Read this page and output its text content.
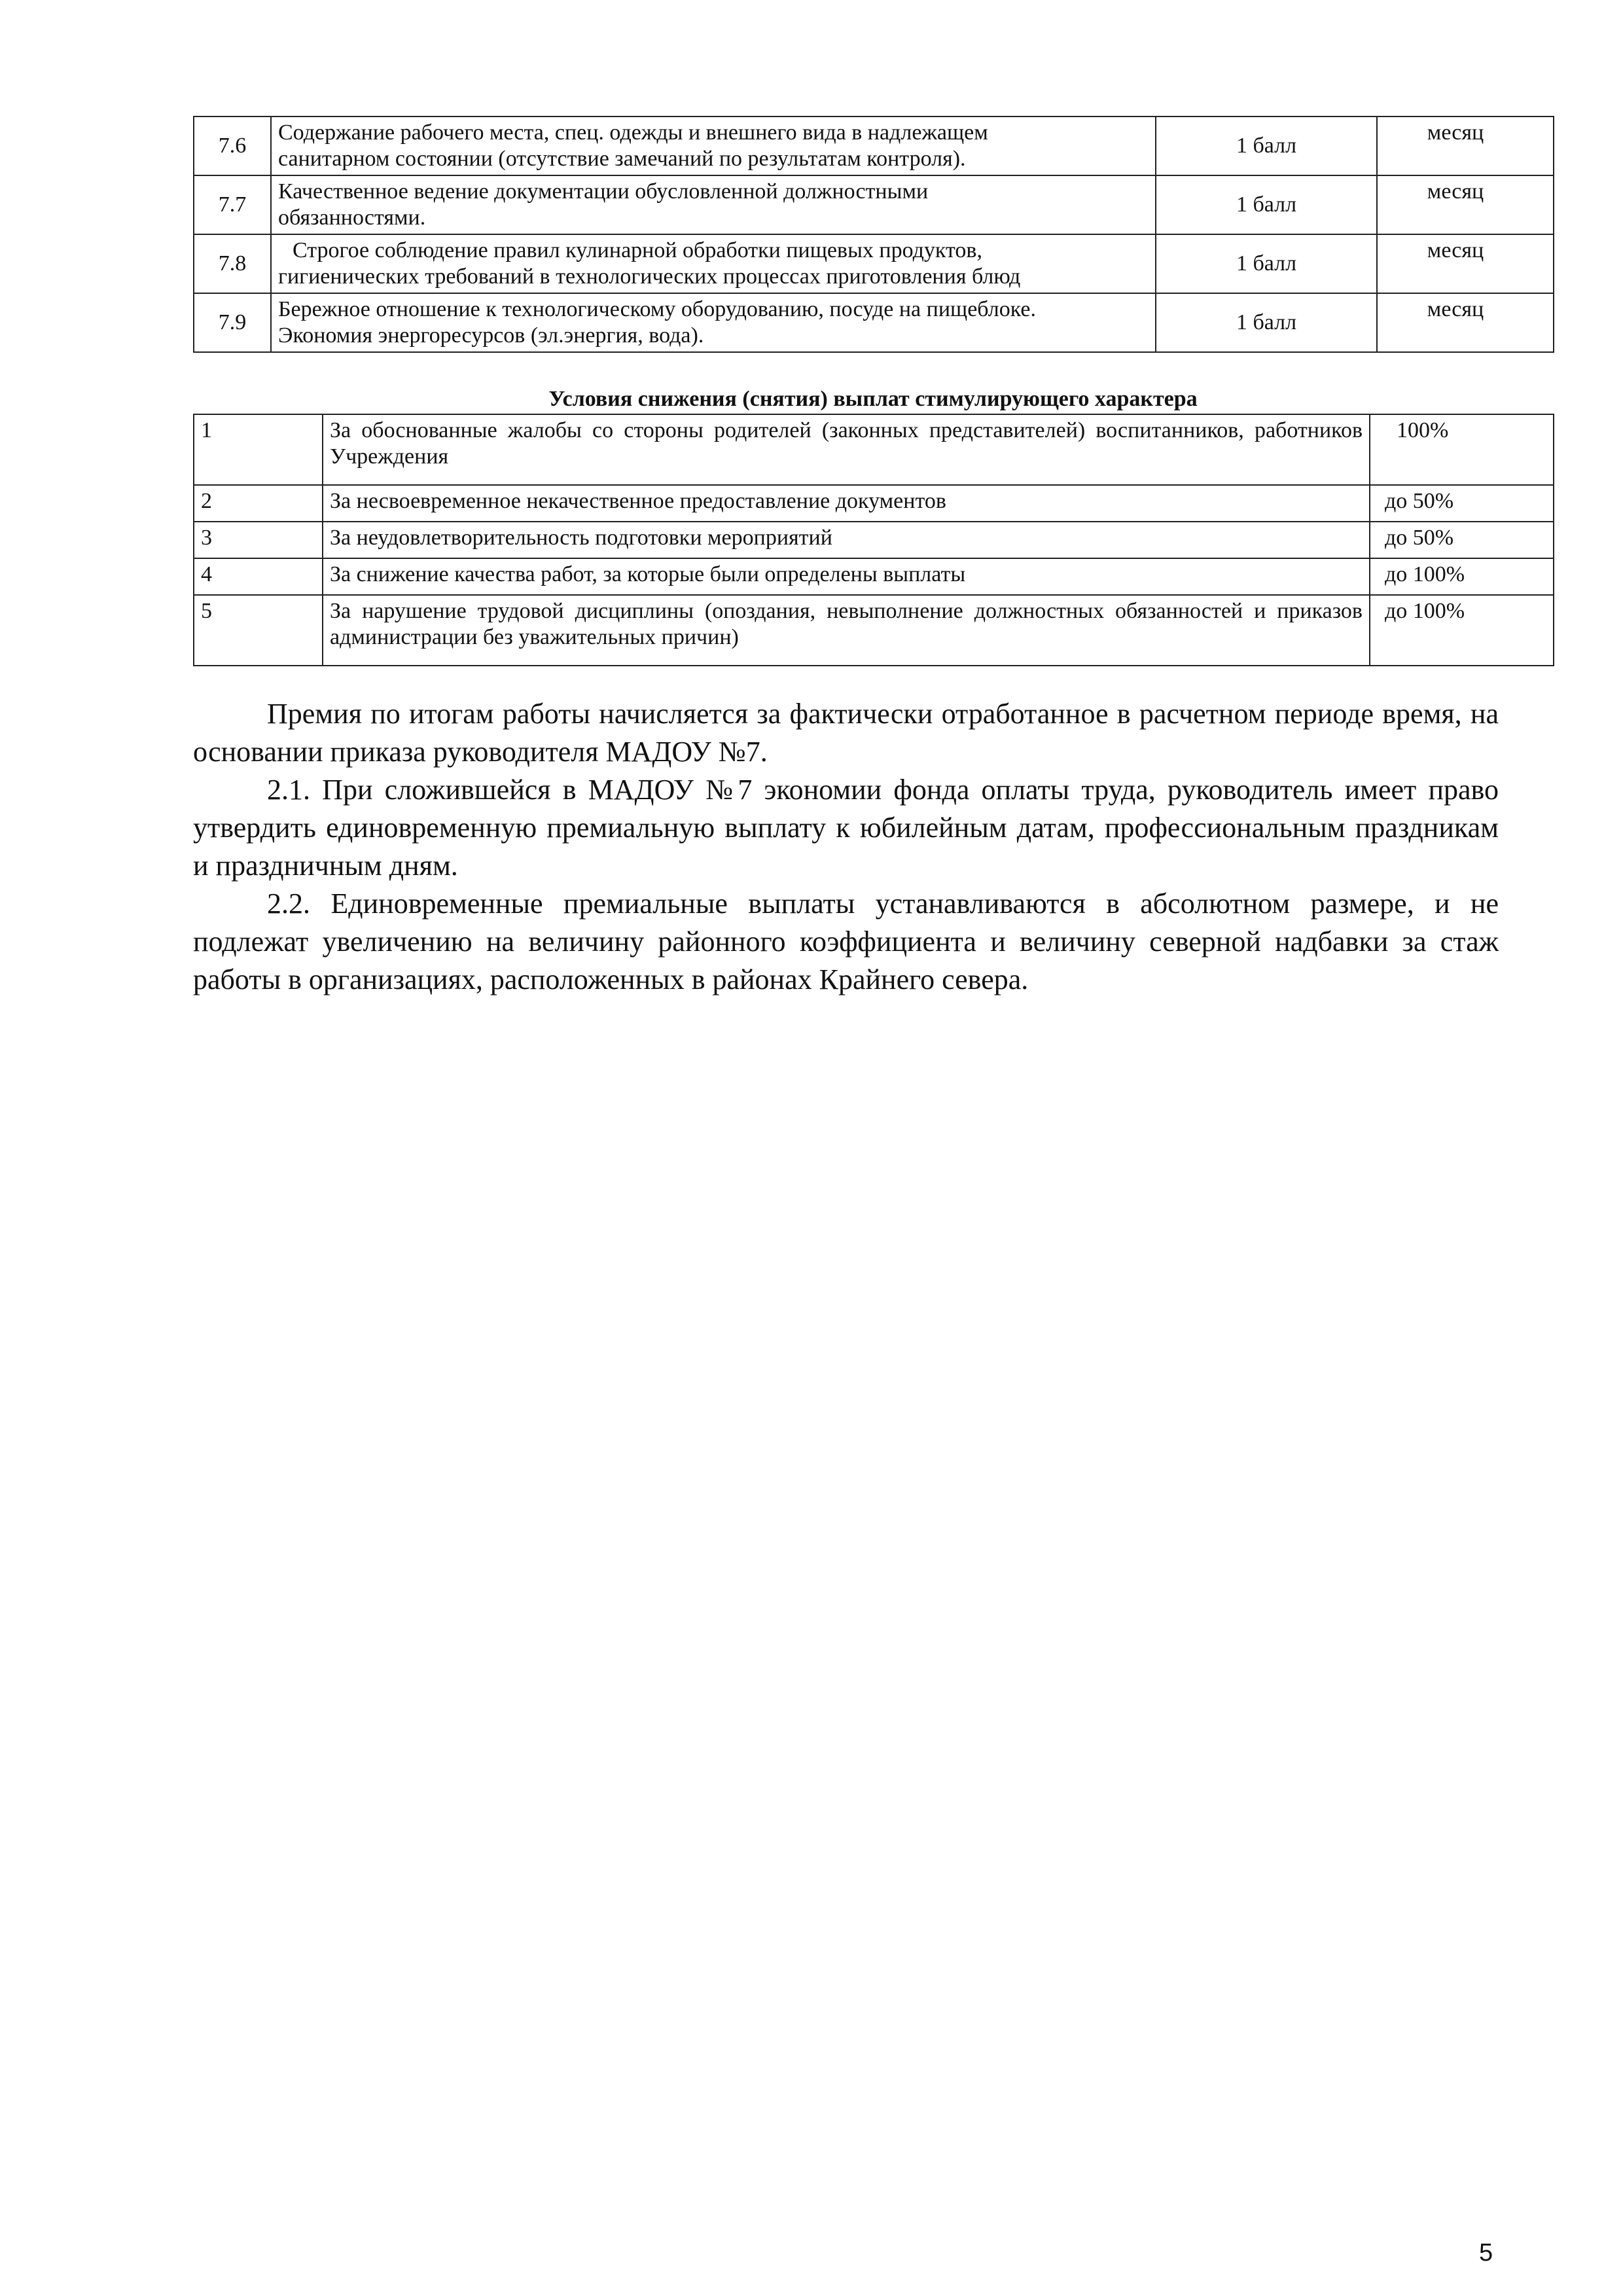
7.6	Содержание рабочего места, спец. одежды и внешнего вида в надлежащем
санитарном состоянии (отсутствие замечаний по результатам контроля).	1 балл	месяц
7.7	Качественное ведение документации обусловленной должностными
обязанностями.	1 балл	месяц
7.8	Строгое соблюдение правил кулинарной обработки пищевых продуктов,
гигиенических требований в технологических процессах приготовления блюд	1 балл	месяц
7.9	Бережное отношение к технологическому оборудованию, посуде на пищеблоке.
Экономия энергоресурсов (эл.энергия, вода).	1 балл	месяц
Условия снижения (снятия) выплат стимулирующего характера
1	За обоснованные жалобы со стороны родителей (законных представителей) воспитанников, работников Учреждения	100%
2	За несвоевременное некачественное предоставление документов	до 50%
3	За неудовлетворительность подготовки мероприятий	до 50%
4	За снижение качества работ, за которые были определены выплаты	до 100%
5	За нарушение трудовой дисциплины (опоздания, невыполнение должностных обязанностей и приказов администрации без уважительных причин)	до 100%

Премия по итогам работы начисляется за фактически отработанное в расчетном периоде время, на основании приказа руководителя МАДОУ №7.

2.1. При сложившейся в МАДОУ №7 экономии фонда оплаты труда, руководитель имеет право утвердить единовременную премиальную выплату к юбилейным датам, профессиональным праздникам и праздничным дням.

2.2. Единовременные премиальные выплаты устанавливаются в абсолютном размере, и не подлежат увеличению на величину районного коэффициента и величину северной надбавки за стаж работы в организациях, расположенных в районах Крайнего севера.

5
